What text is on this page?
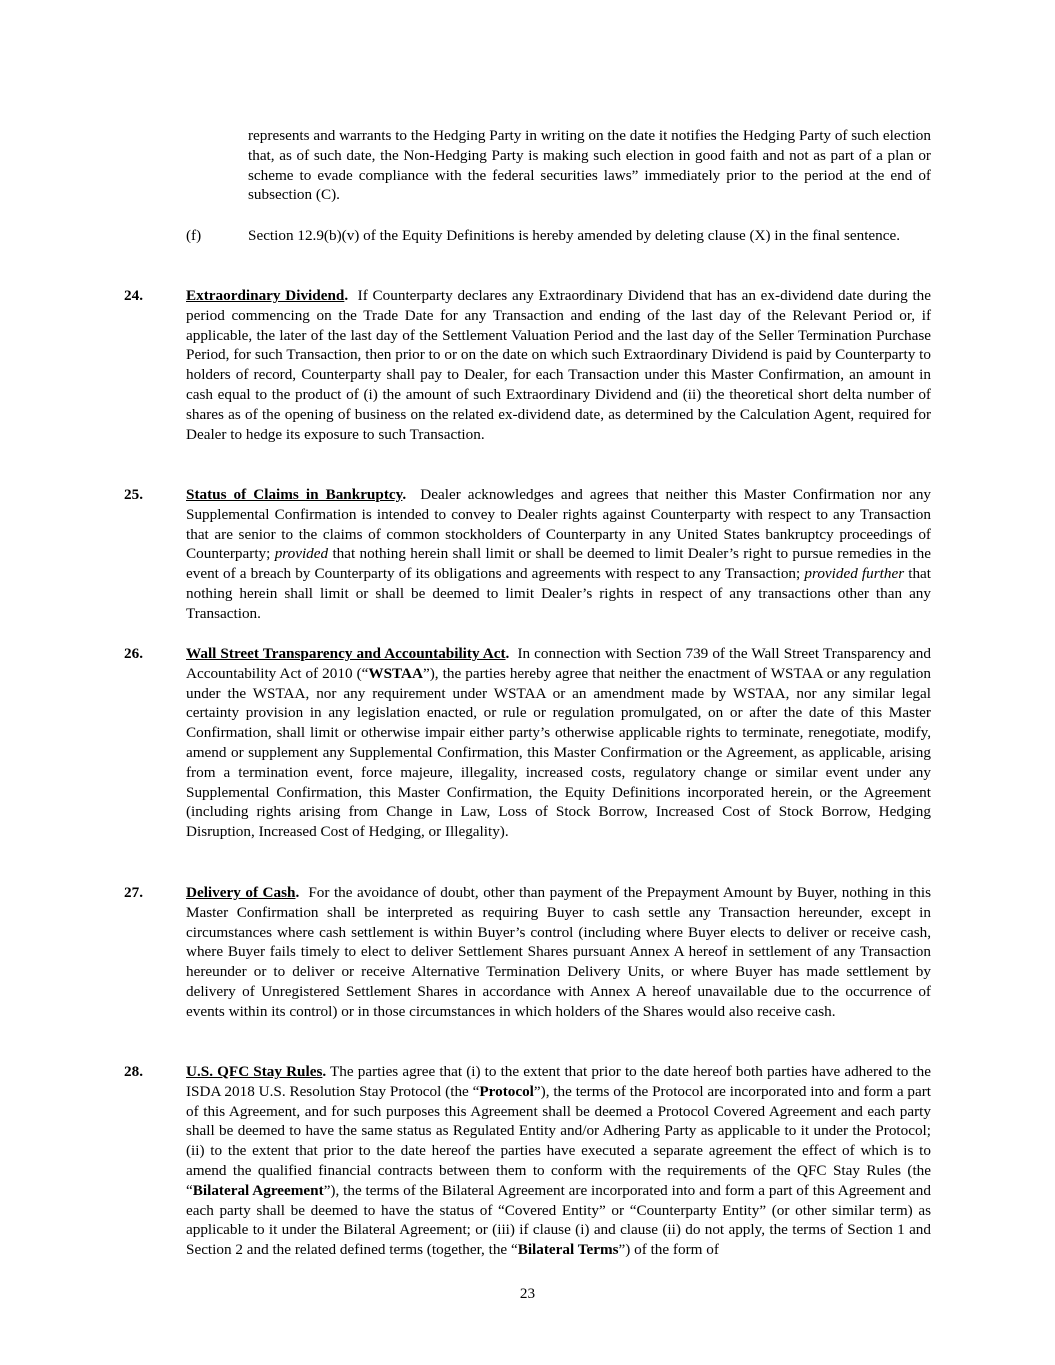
represents and warrants to the Hedging Party in writing on the date it notifies the Hedging Party of such election that, as of such date, the Non-Hedging Party is making such election in good faith and not as part of a plan or scheme to evade compliance with the federal securities laws” immediately prior to the period at the end of subsection (C).

(f)	Section 12.9(b)(v) of the Equity Definitions is hereby amended by deleting clause (X) in the final sentence.

24.	Extraordinary Dividend. If Counterparty declares any Extraordinary Dividend that has an ex-dividend date during the period commencing on the Trade Date for any Transaction and ending of the last day of the Relevant Period or, if applicable, the later of the last day of the Settlement Valuation Period and the last day of the Seller Termination Purchase Period, for such Transaction, then prior to or on the date on which such Extraordinary Dividend is paid by Counterparty to holders of record, Counterparty shall pay to Dealer, for each Transaction under this Master Confirmation, an amount in cash equal to the product of (i) the amount of such Extraordinary Dividend and (ii) the theoretical short delta number of shares as of the opening of business on the related ex-dividend date, as determined by the Calculation Agent, required for Dealer to hedge its exposure to such Transaction.

25.	Status of Claims in Bankruptcy. Dealer acknowledges and agrees that neither this Master Confirmation nor any Supplemental Confirmation is intended to convey to Dealer rights against Counterparty with respect to any Transaction that are senior to the claims of common stockholders of Counterparty in any United States bankruptcy proceedings of Counterparty; provided that nothing herein shall limit or shall be deemed to limit Dealer’s right to pursue remedies in the event of a breach by Counterparty of its obligations and agreements with respect to any Transaction; provided further that nothing herein shall limit or shall be deemed to limit Dealer’s rights in respect of any transactions other than any Transaction.

26.	Wall Street Transparency and Accountability Act. In connection with Section 739 of the Wall Street Transparency and Accountability Act of 2010 (“WSTAA”), the parties hereby agree that neither the enactment of WSTAA or any regulation under the WSTAA, nor any requirement under WSTAA or an amendment made by WSTAA, nor any similar legal certainty provision in any legislation enacted, or rule or regulation promulgated, on or after the date of this Master Confirmation, shall limit or otherwise impair either party’s otherwise applicable rights to terminate, renegotiate, modify, amend or supplement any Supplemental Confirmation, this Master Confirmation or the Agreement, as applicable, arising from a termination event, force majeure, illegality, increased costs, regulatory change or similar event under any Supplemental Confirmation, this Master Confirmation, the Equity Definitions incorporated herein, or the Agreement (including rights arising from Change in Law, Loss of Stock Borrow, Increased Cost of Stock Borrow, Hedging Disruption, Increased Cost of Hedging, or Illegality).

27.	Delivery of Cash. For the avoidance of doubt, other than payment of the Prepayment Amount by Buyer, nothing in this Master Confirmation shall be interpreted as requiring Buyer to cash settle any Transaction hereunder, except in circumstances where cash settlement is within Buyer’s control (including where Buyer elects to deliver or receive cash, where Buyer fails timely to elect to deliver Settlement Shares pursuant Annex A hereof in settlement of any Transaction hereunder or to deliver or receive Alternative Termination Delivery Units, or where Buyer has made settlement by delivery of Unregistered Settlement Shares in accordance with Annex A hereof unavailable due to the occurrence of events within its control) or in those circumstances in which holders of the Shares would also receive cash.

28.	U.S. QFC Stay Rules. The parties agree that (i) to the extent that prior to the date hereof both parties have adhered to the ISDA 2018 U.S. Resolution Stay Protocol (the “Protocol”), the terms of the Protocol are incorporated into and form a part of this Agreement, and for such purposes this Agreement shall be deemed a Protocol Covered Agreement and each party shall be deemed to have the same status as Regulated Entity and/or Adhering Party as applicable to it under the Protocol; (ii) to the extent that prior to the date hereof the parties have executed a separate agreement the effect of which is to amend the qualified financial contracts between them to conform with the requirements of the QFC Stay Rules (the “Bilateral Agreement”), the terms of the Bilateral Agreement are incorporated into and form a part of this Agreement and each party shall be deemed to have the status of “Covered Entity” or “Counterparty Entity” (or other similar term) as applicable to it under the Bilateral Agreement; or (iii) if clause (i) and clause (ii) do not apply, the terms of Section 1 and Section 2 and the related defined terms (together, the “Bilateral Terms”) of the form of

23
